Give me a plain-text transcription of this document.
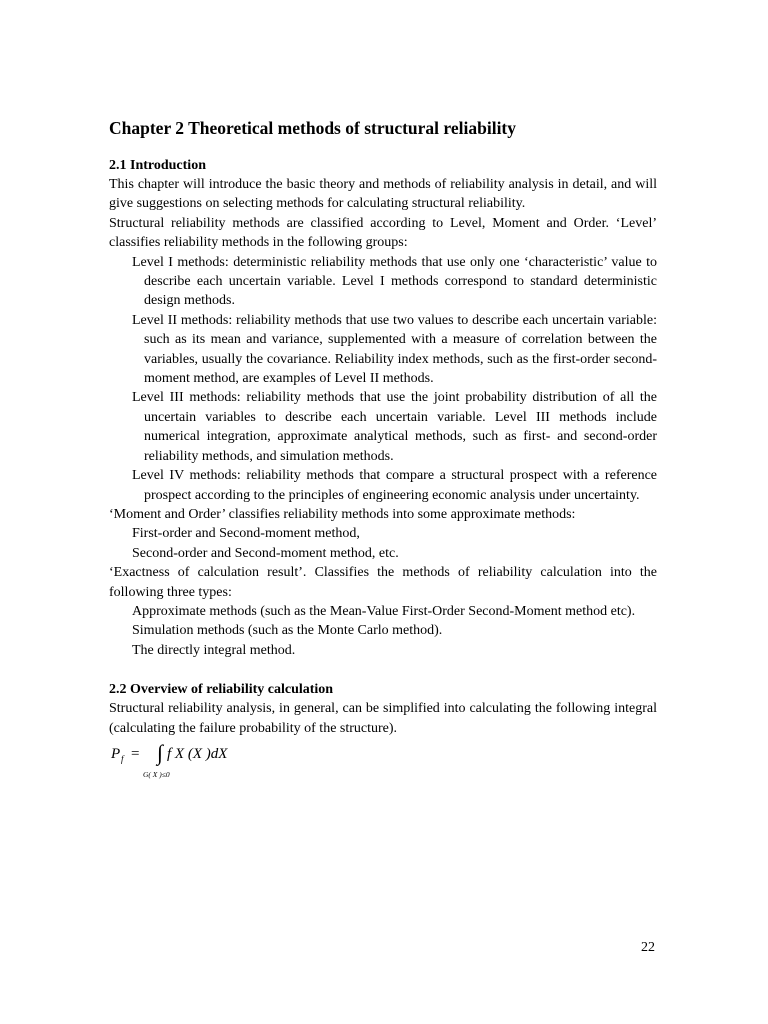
Chapter 2 Theoretical methods of structural reliability
2.1 Introduction

This chapter will introduce the basic theory and methods of reliability analysis in detail, and will give suggestions on selecting methods for calculating structural reliability.

Structural reliability methods are classified according to Level, Moment and Order. ‘Level’ classifies reliability methods in the following groups:

Level I methods: deterministic reliability methods that use only one ‘characteristic’ value to describe each uncertain variable. Level I methods correspond to standard deterministic design methods.

Level II methods: reliability methods that use two values to describe each uncertain variable: such as its mean and variance, supplemented with a measure of correlation between the variables, usually the covariance. Reliability index methods, such as the first-order second-moment method, are examples of Level II methods.

Level III methods: reliability methods that use the joint probability distribution of all the uncertain variables to describe each uncertain variable. Level III methods include numerical integration, approximate analytical methods, such as first- and second-order reliability methods, and simulation methods.

Level IV methods: reliability methods that compare a structural prospect with a reference prospect according to the principles of engineering economic analysis under uncertainty.

‘Moment and Order’ classifies reliability methods into some approximate methods:

First-order and Second-moment method,

Second-order and Second-moment method, etc.

‘Exactness of calculation result’. Classifies the methods of reliability calculation into the following three types:

Approximate methods (such as the Mean-Value First-Order Second-Moment method etc).

Simulation methods (such as the Monte Carlo method).

The directly integral method.

2.2 Overview of reliability calculation

Structural reliability analysis, in general, can be simplified into calculating the following integral (calculating the failure probability of the structure).

P f = ∫ f X (X )dX
G( X )≤0
22
